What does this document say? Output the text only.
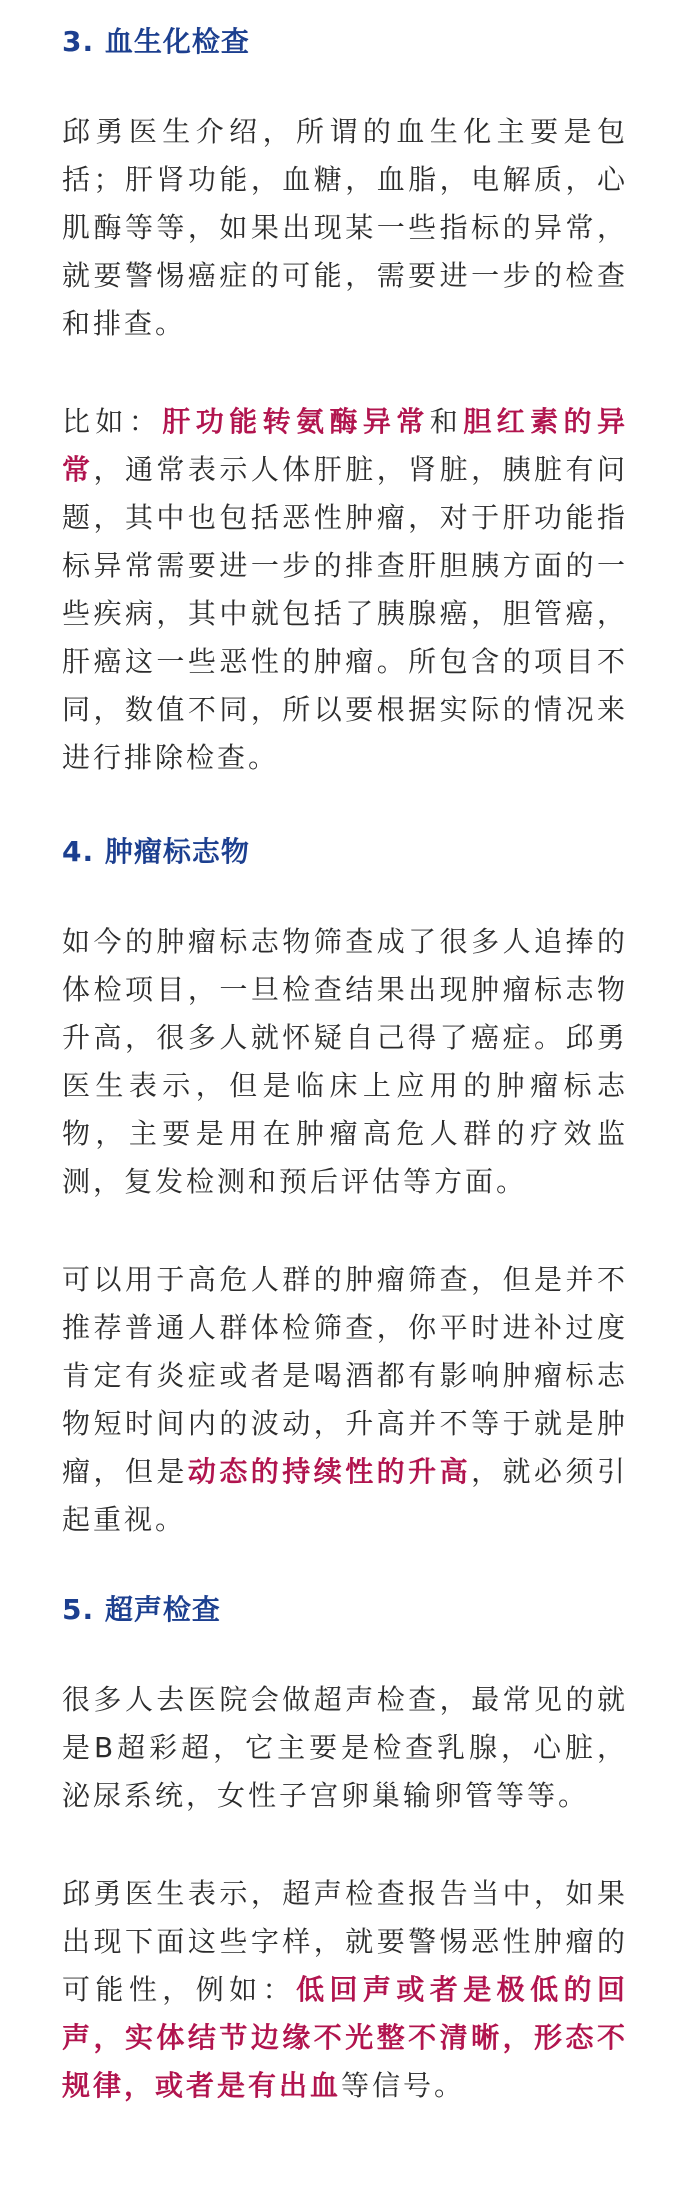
3. 血生化检查

邱勇医生介绍，所谓的血生化主要是包括；肝肾功能，血糖，血脂，电解质，心肌酶等等，如果出现某一些指标的异常，就要警惕癌症的可能，需要进一步的检查和排查。

比如：肝功能转氨酶异常和胆红素的异常，通常表示人体肝脏，肾脏，胰脏有问题，其中也包括恶性肿瘤，对于肝功能指标异常需要进一步的排查肝胆胰方面的一些疾病，其中就包括了胰腺癌，胆管癌，肝癌这一些恶性的肿瘤。所包含的项目不同，数值不同，所以要根据实际的情况来进行排除检查。

4. 肿瘤标志物

如今的肿瘤标志物筛查成了很多人追捧的体检项目，一旦检查结果出现肿瘤标志物升高，很多人就怀疑自己得了癌症。邱勇医生表示，但是临床上应用的肿瘤标志物，主要是用在肿瘤高危人群的疗效监测，复发检测和预后评估等方面。

可以用于高危人群的肿瘤筛查，但是并不推荐普通人群体检筛查，你平时进补过度肯定有炎症或者是喝酒都有影响肿瘤标志物短时间内的波动，升高并不等于就是肿瘤，但是动态的持续性的升高，就必须引起重视。

5. 超声检查

很多人去医院会做超声检查，最常见的就是B超彩超，它主要是检查乳腺，心脏，泌尿系统，女性子宫卵巢输卵管等等。

邱勇医生表示，超声检查报告当中，如果出现下面这些字样，就要警惕恶性肿瘤的可能性，例如：低回声或者是极低的回声，实体结节边缘不光整不清晰，形态不规律，或者是有出血等信号。
